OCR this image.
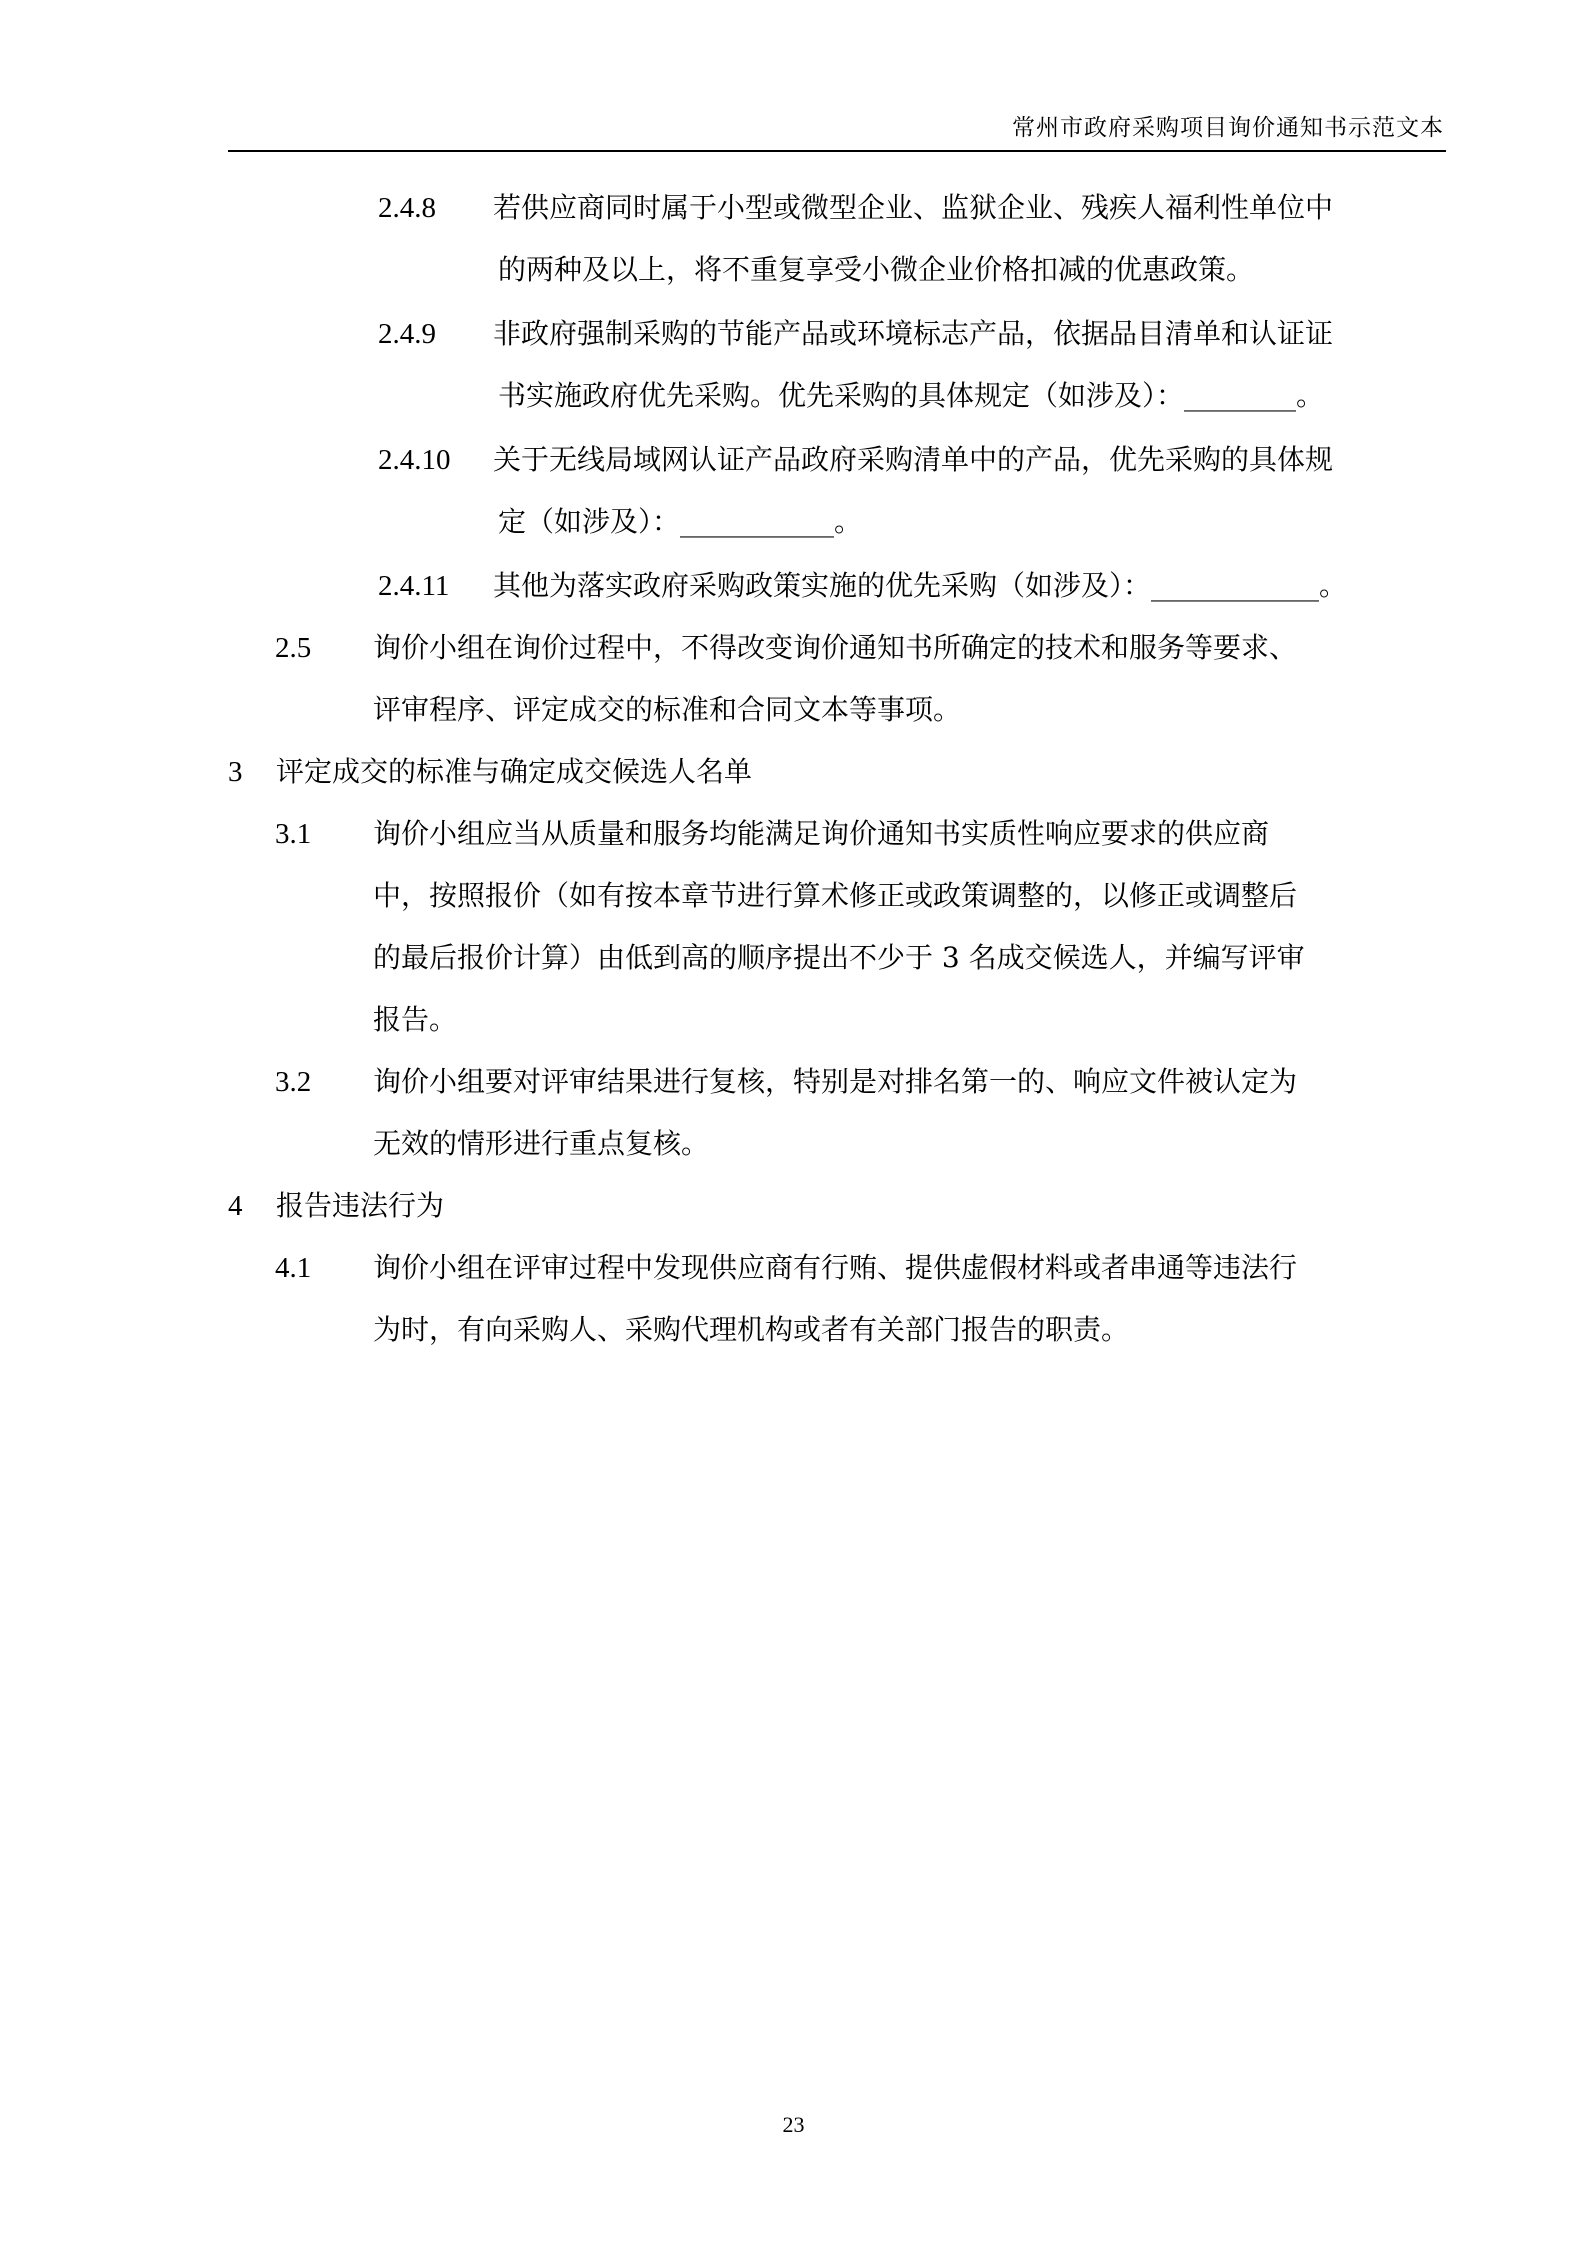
常州市政府采购项目询价通知书示范文本
2.4.8 若供应商同时属于小型或微型企业、监狱企业、残疾人福利性单位中
的两种及以上，将不重复享受小微企业价格扣减的优惠政策。
2.4.9 非政府强制采购的节能产品或环境标志产品，依据品目清单和认证证
书实施政府优先采购。优先采购的具体规定（如涉及）：________。
2.4.10 关于无线局域网认证产品政府采购清单中的产品，优先采购的具体规
定（如涉及）：___________。
2.4.11 其他为落实政府采购政策实施的优先采购（如涉及）：____________。
2.5 询价小组在询价过程中，不得改变询价通知书所确定的技术和服务等要求、
评审程序、评定成交的标准和合同文本等事项。
3 评定成交的标准与确定成交候选人名单
3.1 询价小组应当从质量和服务均能满足询价通知书实质性响应要求的供应商
中，按照报价（如有按本章节进行算术修正或政策调整的，以修正或调整后
的最后报价计算）由低到高的顺序提出不少于 3 名成交候选人，并编写评审
报告。
3.2 询价小组要对评审结果进行复核，特别是对排名第一的、响应文件被认定为
无效的情形进行重点复核。
4 报告违法行为
4.1 询价小组在评审过程中发现供应商有行贿、提供虚假材料或者串通等违法行
为时，有向采购人、采购代理机构或者有关部门报告的职责。
23
